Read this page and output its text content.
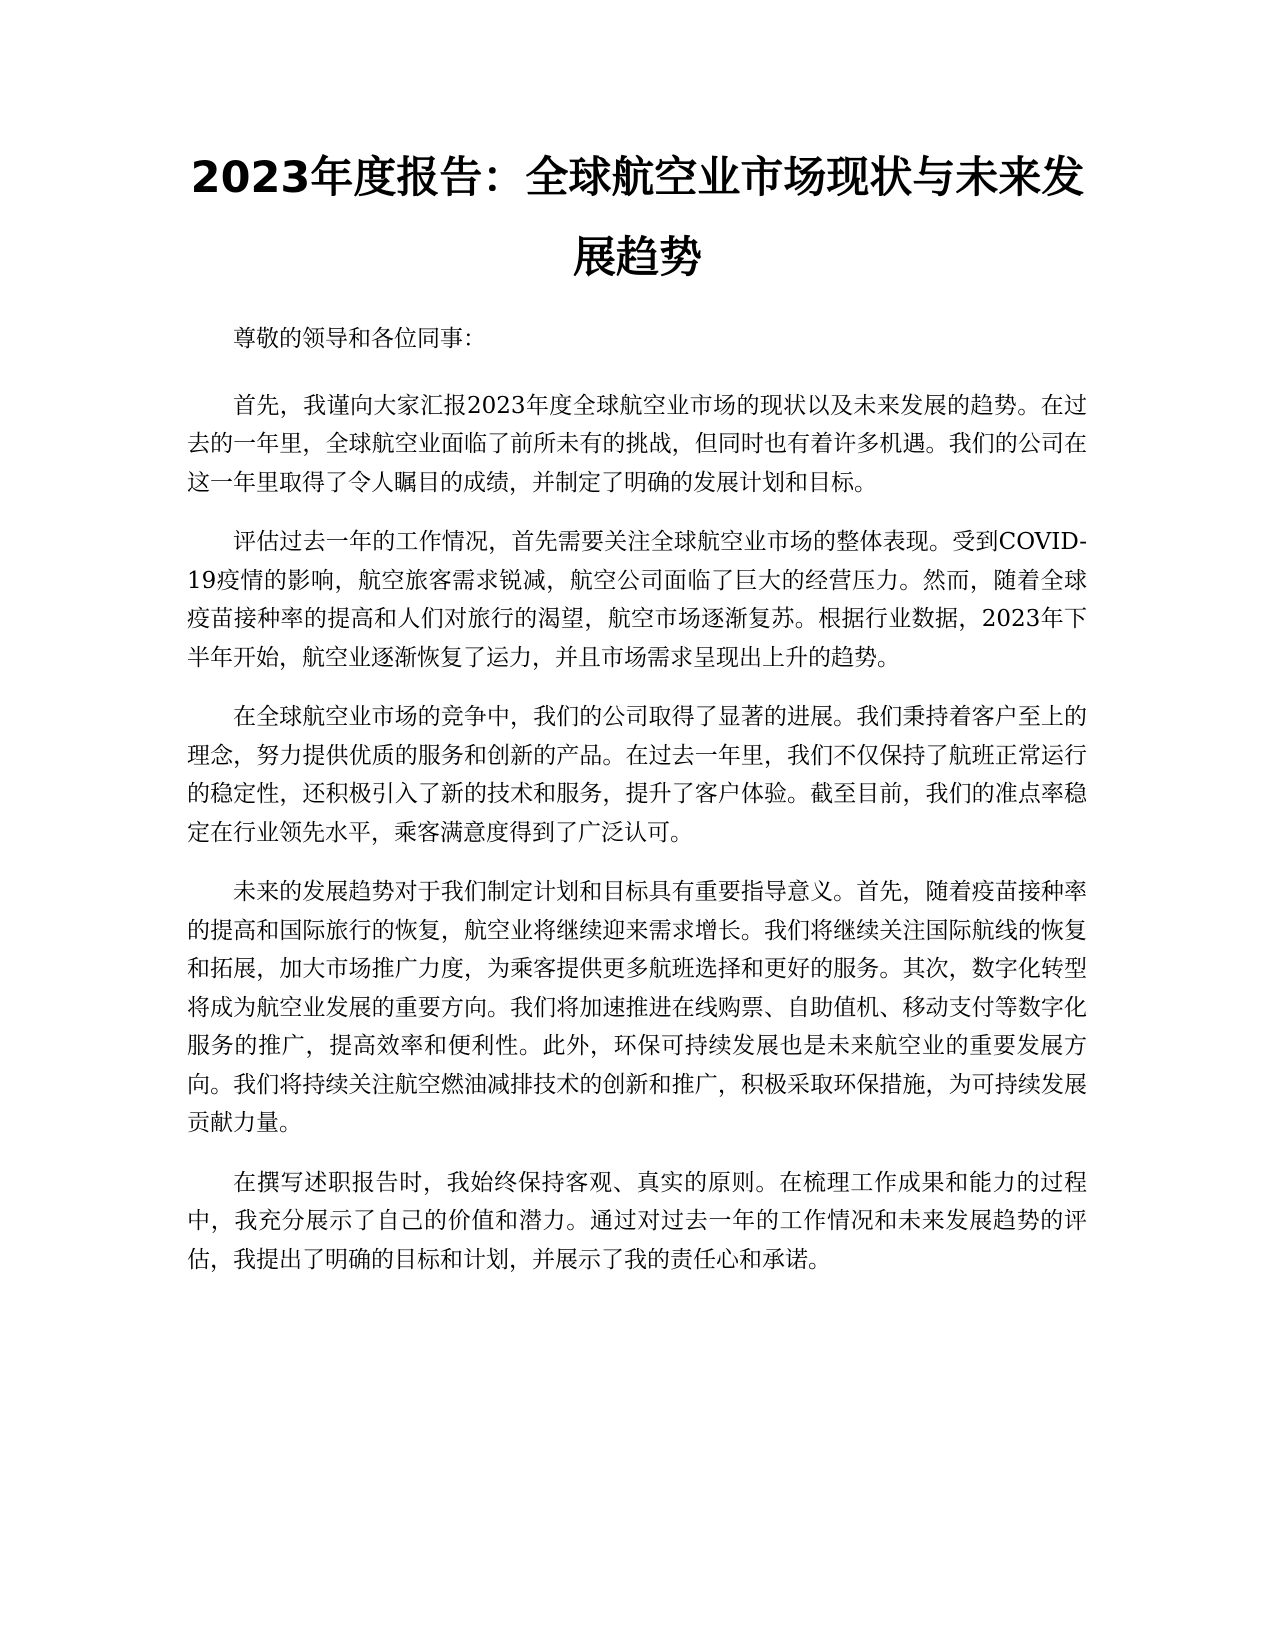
2023年度报告：全球航空业市场现状与未来发展趋势

尊敬的领导和各位同事：

首先，我谨向大家汇报2023年度全球航空业市场的现状以及未来发展的趋势。在过去的一年里，全球航空业面临了前所未有的挑战，但同时也有着许多机遇。我们的公司在这一年里取得了令人瞩目的成绩，并制定了明确的发展计划和目标。

评估过去一年的工作情况，首先需要关注全球航空业市场的整体表现。受到COVID-19疫情的影响，航空旅客需求锐减，航空公司面临了巨大的经营压力。然而，随着全球疫苗接种率的提高和人们对旅行的渴望，航空市场逐渐复苏。根据行业数据，2023年下半年开始，航空业逐渐恢复了运力，并且市场需求呈现出上升的趋势。

在全球航空业市场的竞争中，我们的公司取得了显著的进展。我们秉持着客户至上的理念，努力提供优质的服务和创新的产品。在过去一年里，我们不仅保持了航班正常运行的稳定性，还积极引入了新的技术和服务，提升了客户体验。截至目前，我们的准点率稳定在行业领先水平，乘客满意度得到了广泛认可。

未来的发展趋势对于我们制定计划和目标具有重要指导意义。首先，随着疫苗接种率的提高和国际旅行的恢复，航空业将继续迎来需求增长。我们将继续关注国际航线的恢复和拓展，加大市场推广力度，为乘客提供更多航班选择和更好的服务。其次，数字化转型将成为航空业发展的重要方向。我们将加速推进在线购票、自助值机、移动支付等数字化服务的推广，提高效率和便利性。此外，环保可持续发展也是未来航空业的重要发展方向。我们将持续关注航空燃油减排技术的创新和推广，积极采取环保措施，为可持续发展贡献力量。

在撰写述职报告时，我始终保持客观、真实的原则。在梳理工作成果和能力的过程中，我充分展示了自己的价值和潜力。通过对过去一年的工作情况和未来发展趋势的评估，我提出了明确的目标和计划，并展示了我的责任心和承诺。
